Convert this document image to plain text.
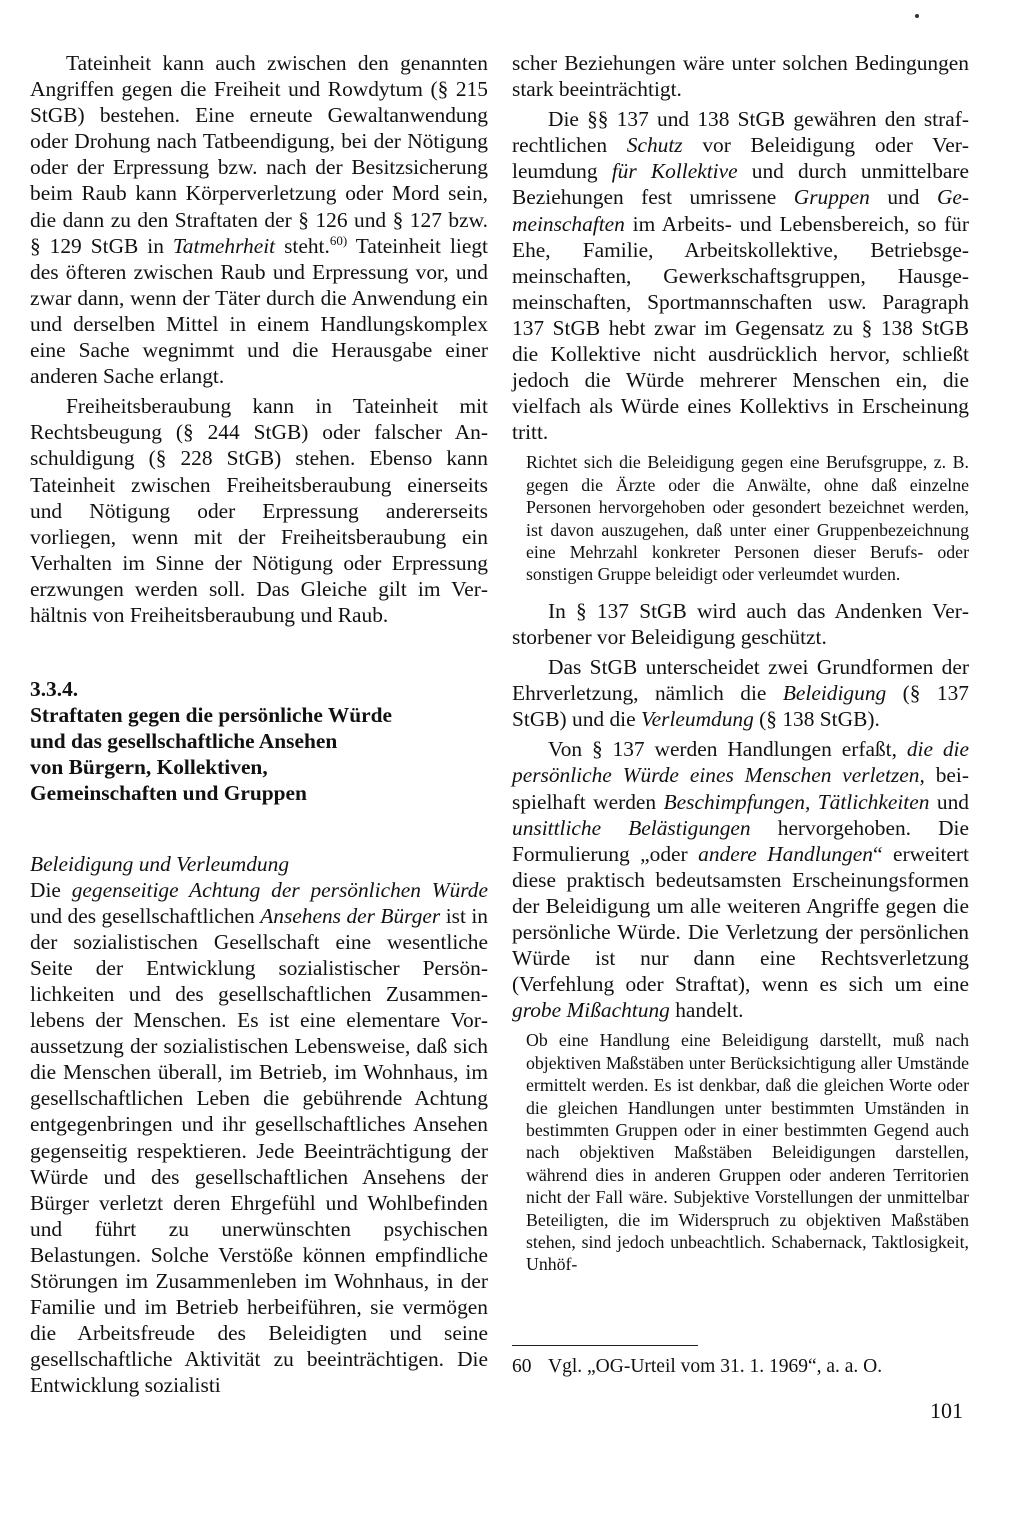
Tateinheit kann auch zwischen den genannten Angriffen gegen die Freiheit und Rowdytum (§ 215 StGB) bestehen. Eine erneute Gewaltanwendung oder Drohung nach Tatbeendigung, bei der Nötigung oder der Erpressung bzw. nach der Besitzsicherung beim Raub kann Körperverletzung oder Mord sein, die dann zu den Straftaten der § 126 und § 127 bzw. § 129 StGB in Tatmehrheit steht.$^{60)}$ Tateinheit liegt des öfteren zwischen Raub und Erpressung vor, und zwar dann, wenn der Täter durch die Anwendung ein und derselben Mittel in einem Handlungskomplex eine Sache wegnimmt und die Herausgabe einer anderen Sache erlangt.

Freiheitsberaubung kann in Tateinheit mit Rechtsbeugung (§ 244 StGB) oder falscher Anschuldigung (§ 228 StGB) stehen. Ebenso kann Tateinheit zwischen Freiheitsberaubung einerseits und Nötigung oder Erpressung andererseits vorliegen, wenn mit der Freiheitsberaubung ein Verhalten im Sinne der Nötigung oder Erpressung erzwungen werden soll. Das Gleiche gilt im Verhältnis von Freiheitsberaubung und Raub.

3.3.4.

Straftaten gegen die persönliche Würde
und das gesellschaftliche Ansehen
von Bürgern, Kollektiven,
Gemeinschaften und Gruppen

Beleidigung und Verleumdung

Die gegenseitige Achtung der persönlichen Würde und des gesellschaftlichen Ansehens der Bürger ist in der sozialistischen Gesellschaft eine wesentliche Seite der Entwicklung sozialistischer Persönlichkeiten und des gesellschaftlichen Zusammenlebens der Menschen. Es ist eine elementare Voraussetzung der sozialistischen Lebensweise, daß sich die Menschen überall, im Betrieb, im Wohnhaus, im gesellschaftlichen Leben die gebührende Achtung entgegenbringen und ihr gesellschaftliches Ansehen gegenseitig respektieren. Jede Beeinträchtigung der Würde und des gesellschaftlichen Ansehens der Bürger verletzt deren Ehrgefühl und Wohlbefinden und führt zu unerwünschten psychischen Belastungen. Solche Verstöße können empfindliche Störungen im Zusammenleben im Wohnhaus, in der Familie und im Betrieb herbeiführen, sie vermögen die Arbeitsfreude des Beleidigten und seine gesellschaftliche Aktivität zu beeinträchtigen. Die Entwicklung sozialisti

scher Beziehungen wäre unter solchen Bedingungen stark beeinträchtigt.

Die §§ 137 und 138 StGB gewähren den strafrechtlichen Schutz vor Beleidigung oder Verleumdung für Kollektive und durch unmittelbare Beziehungen fest umrissene Gruppen und Gemeinschaften im Arbeits- und Lebensbereich, so für Ehe, Familie, Arbeitskollektive, Betriebsgemeinschaften, Gewerkschaftsgruppen, Hausgemeinschaften, Sportmannschaften usw. Paragraph 137 StGB hebt zwar im Gegensatz zu § 138 StGB die Kollektive nicht ausdrücklich hervor, schließt jedoch die Würde mehrerer Menschen ein, die vielfach als Würde eines Kollektivs in Erscheinung tritt.

Richtet sich die Beleidigung gegen eine Berufsgruppe, z. B. gegen die Ärzte oder die Anwälte, ohne daß einzelne Personen hervorgehoben oder gesondert bezeichnet werden, ist davon auszugehen, daß unter einer Gruppenbezeichnung eine Mehrzahl konkreter Personen dieser Berufs- oder sonstigen Gruppe beleidigt oder verleumdet wurden.

In § 137 StGB wird auch das Andenken Verstorbener vor Beleidigung geschützt.

Das StGB unterscheidet zwei Grundformen der Ehrverletzung, nämlich die Beleidigung (§ 137 StGB) und die Verleumdung (§ 138 StGB).

Von § 137 werden Handlungen erfaßt, die die persönliche Würde eines Menschen verletzen, beispielhaft werden Beschimpfungen, Tätlichkeiten und unsittliche Belästigungen hervorgehoben. Die Formulierung „oder andere Handlungen“ erweitert diese praktisch bedeutsamsten Erscheinungsformen der Beleidigung um alle weiteren Angriffe gegen die persönliche Würde. Die Verletzung der persönlichen Würde ist nur dann eine Rechtsverletzung (Verfehlung oder Straftat), wenn es sich um eine grobe Mißachtung handelt.

Ob eine Handlung eine Beleidigung darstellt, muß nach objektiven Maßstäben unter Berücksichtigung aller Umstände ermittelt werden. Es ist denkbar, daß die gleichen Worte oder die gleichen Handlungen unter bestimmten Umständen in bestimmten Gruppen oder in einer bestimmten Gegend auch nach objektiven Maßstäben Beleidigungen darstellen, während dies in anderen Gruppen oder anderen Territorien nicht der Fall wäre. Subjektive Vorstellungen der unmittelbar Beteiligten, die im Widerspruch zu objektiven Maßstäben stehen, sind jedoch unbeachtlich. Schabernack, Taktlosigkeit, Unhöf-

60 Vgl. „OG-Urteil vom 31. 1. 1969“, a. a. O.
101
